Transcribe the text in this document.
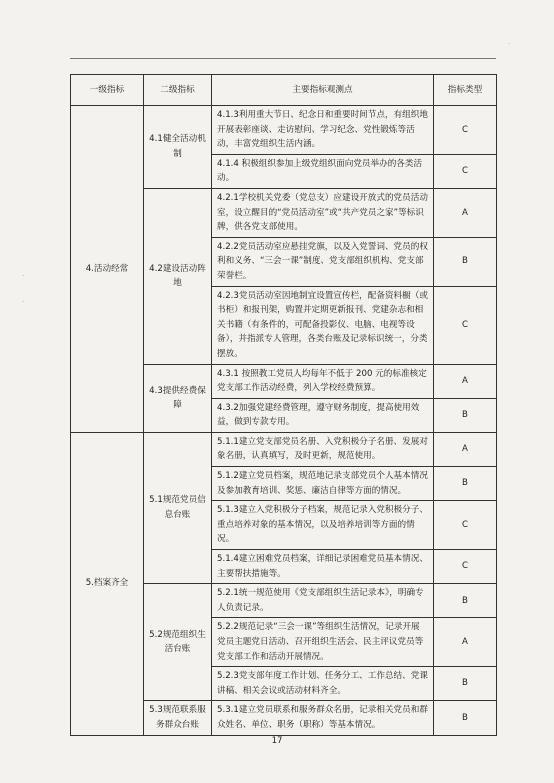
·
·
·
一级指标	二级指标	主要指标观测点	指标类型
4.活动经常	4.1健全活动机制	4.1.3利用重大节日、纪念日和重要时间节点，有组织地开展表彰座谈、走访慰问、学习纪念、党性锻炼等活动，丰富党组织生活内涵。	C
		4.1.4 积极组织参加上级党组织面向党员举办的各类活动。	C
	4.2建设活动阵地	4.2.1学校机关党委（党总支）应建设开放式的党员活动室，设立醒目的“党员活动室”或“共产党员之家”等标识牌，供各党支部使用。	A
		4.2.2党员活动室应悬挂党旗，以及入党誓词、党员的权利和义务、“三会一课”制度、党支部组织机构、党支部荣誉栏。	B
		4.2.3党员活动室因地制宜设置宣传栏，配备资料橱（或书柜）和报刊架，购置并定期更新报刊、党建杂志和相关书籍（有条件的，可配备投影仪、电脑、电视等设备），并指派专人管理，各类台账及记录标识统一，分类摆放。	C
	4.3提供经费保障	4.3.1 按照教工党员人均每年不低于 200 元的标准核定党支部工作活动经费，列入学校经费预算。	A
		4.3.2加强党建经费管理，遵守财务制度，提高使用效益，做到专款专用。	B
5.档案齐全	5.1规范党员信息台账	5.1.1建立党支部党员名册、入党积极分子名册、发展对象名册，认真填写，及时更新，规范使用。	A
		5.1.2建立党员档案，规范地记录支部党员个人基本情况及参加教育培训、奖惩、廉洁自律等方面的情况。	B
		5.1.3建立入党积极分子档案，规范记录入党积极分子、重点培养对象的基本情况，以及培养培训等方面的情况。	C
		5.1.4建立困难党员档案，详细记录困难党员基本情况、主要帮扶措施等。	C
	5.2规范组织生活台账	5.2.1统一规范使用《党支部组织生活记录本》，明确专人负责记录。	B
		5.2.2规范记录“三会一课”等组织生活情况，记录开展党员主题党日活动、召开组织生活会、民主评议党员等党支部工作和活动开展情况。	A
		5.2.3党支部年度工作计划、任务分工、工作总结、党课讲稿、相关会议或活动材料齐全。	B
	5.3规范联系服务群众台账	5.3.1建立党员联系和服务群众名册，记录相关党员和群众姓名、单位、职务（职称）等基本情况。	B
17
